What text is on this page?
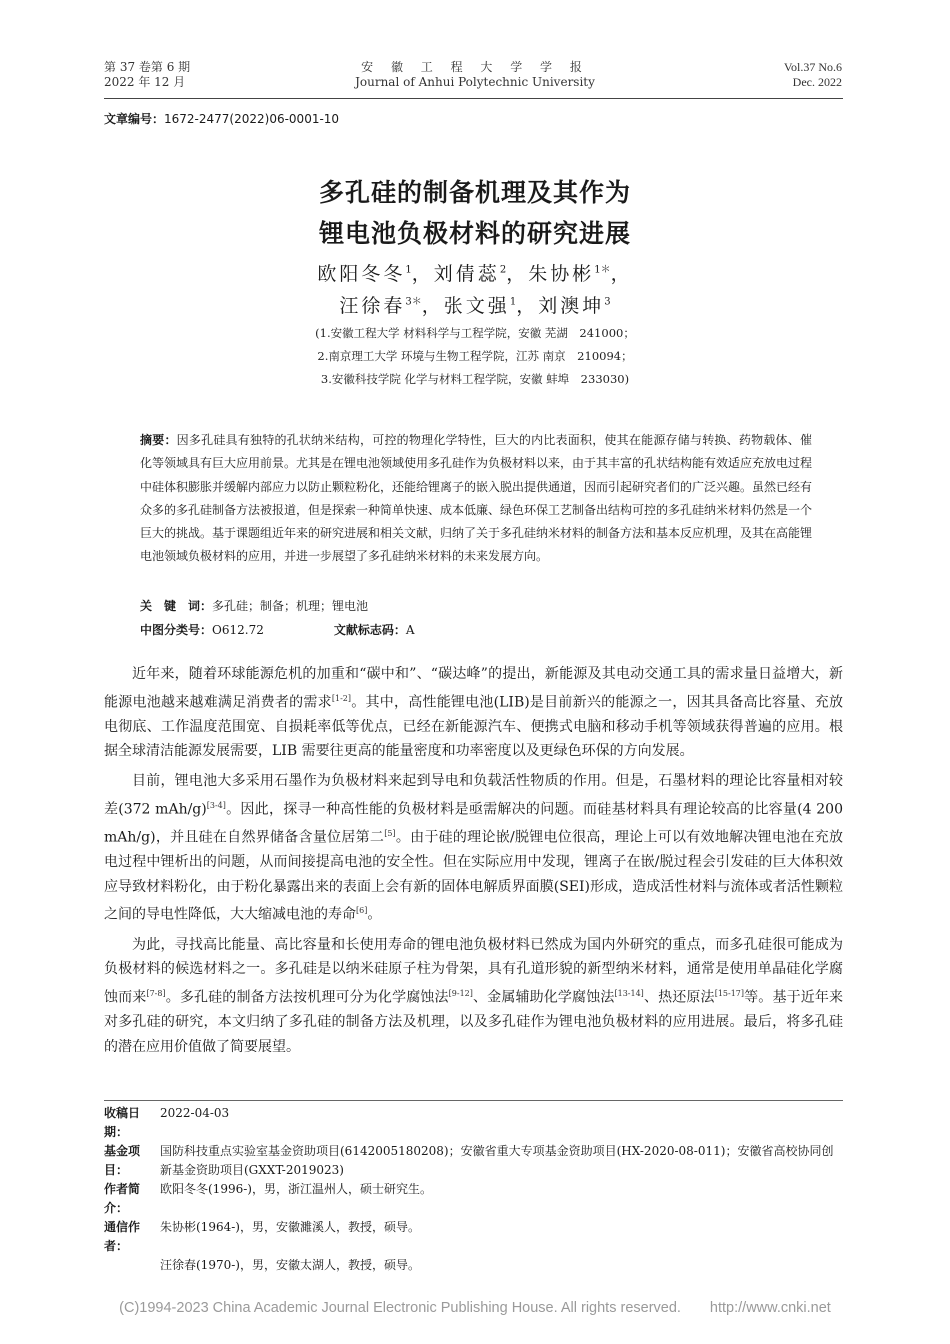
第 37 卷第 6 期
2022 年 12 月
安 徽 工 程 大 学 学 报
Journal of Anhui Polytechnic University
Vol.37 No.6
Dec. 2022
文章编号：1672-2477(2022)06-0001-10
多孔硅的制备机理及其作为
锂电池负极材料的研究进展
欧阳冬冬$^1$，刘倩蕊$^2$，朱协彬$^{1*}$，
汪徐春$^{3*}$，张文强$^1$，刘澳坤$^3$
(1.安徽工程大学 材料科学与工程学院，安徽 芜湖　241000；
2.南京理工大学 环境与生物工程学院，江苏 南京　210094；
3.安徽科技学院 化学与材料工程学院，安徽 蚌埠　233030)
摘要：因多孔硅具有独特的孔状纳米结构，可控的物理化学特性，巨大的内比表面积，使其在能源存储与转换、药物载体、催化等领域具有巨大应用前景。尤其是在锂电池领域使用多孔硅作为负极材料以来，由于其丰富的孔状结构能有效适应充放电过程中硅体积膨胀并缓解内部应力以防止颗粒粉化，还能给锂离子的嵌入脱出提供通道，因而引起研究者们的广泛兴趣。虽然已经有众多的多孔硅制备方法被报道，但是探索一种简单快速、成本低廉、绿色环保工艺制备出结构可控的多孔硅纳米材料仍然是一个巨大的挑战。基于课题组近年来的研究进展和相关文献，归纳了关于多孔硅纳米材料的制备方法和基本反应机理，及其在高能锂电池领域负极材料的应用，并进一步展望了多孔硅纳米材料的未来发展方向。
关　键　词：多孔硅；制备；机理；锂电池
中图分类号：O612.72	文献标志码：A

近年来，随着环球能源危机的加重和“碳中和”、“碳达峰”的提出，新能源及其电动交通工具的需求量日益增大，新能源电池越来越难满足消费者的需求[1-2]。其中，高性能锂电池(LIB)是目前新兴的能源之一，因其具备高比容量、充放电彻底、工作温度范围宽、自损耗率低等优点，已经在新能源汽车、便携式电脑和移动手机等领域获得普遍的应用。根据全球清洁能源发展需要，LIB 需要往更高的能量密度和功率密度以及更绿色环保的方向发展。

目前，锂电池大多采用石墨作为负极材料来起到导电和负载活性物质的作用。但是，石墨材料的理论比容量相对较差(372 mAh/g)[3-4]。因此，探寻一种高性能的负极材料是亟需解决的问题。而硅基材料具有理论较高的比容量(4 200 mAh/g)，并且硅在自然界储备含量位居第二[5]。由于硅的理论嵌/脱锂电位很高，理论上可以有效地解决锂电池在充放电过程中锂析出的问题，从而间接提高电池的安全性。但在实际应用中发现，锂离子在嵌/脱过程会引发硅的巨大体积效应导致材料粉化，由于粉化暴露出来的表面上会有新的固体电解质界面膜(SEI)形成，造成活性材料与流体或者活性颗粒之间的导电性降低，大大缩减电池的寿命[6]。

为此，寻找高比能量、高比容量和长使用寿命的锂电池负极材料已然成为国内外研究的重点，而多孔硅很可能成为负极材料的候选材料之一。多孔硅是以纳米硅原子柱为骨架，具有孔道形貌的新型纳米材料，通常是使用单晶硅化学腐蚀而来[7-8]。多孔硅的制备方法按机理可分为化学腐蚀法[9-12]、金属辅助化学腐蚀法[13-14]、热还原法[15-17]等。基于近年来对多孔硅的研究，本文归纳了多孔硅的制备方法及机理，以及多孔硅作为锂电池负极材料的应用进展。最后，将多孔硅的潜在应用价值做了简要展望。

收稿日期：
2022-04-03
基金项目：
国防科技重点实验室基金资助项目(6142005180208)；安徽省重大专项基金资助项目(HX-2020-08-011)；安徽省高校协同创新基金资助项目(GXXT-2019023)
作者简介：
欧阳冬冬(1996-)，男，浙江温州人，硕士研究生。
通信作者：
朱协彬(1964-)，男，安徽濉溪人，教授，硕导。
汪徐春(1970-)，男，安徽太湖人，教授，硕导。
(C)1994-2023 China Academic Journal Electronic Publishing House. All rights reserved.　　http://www.cnki.net
